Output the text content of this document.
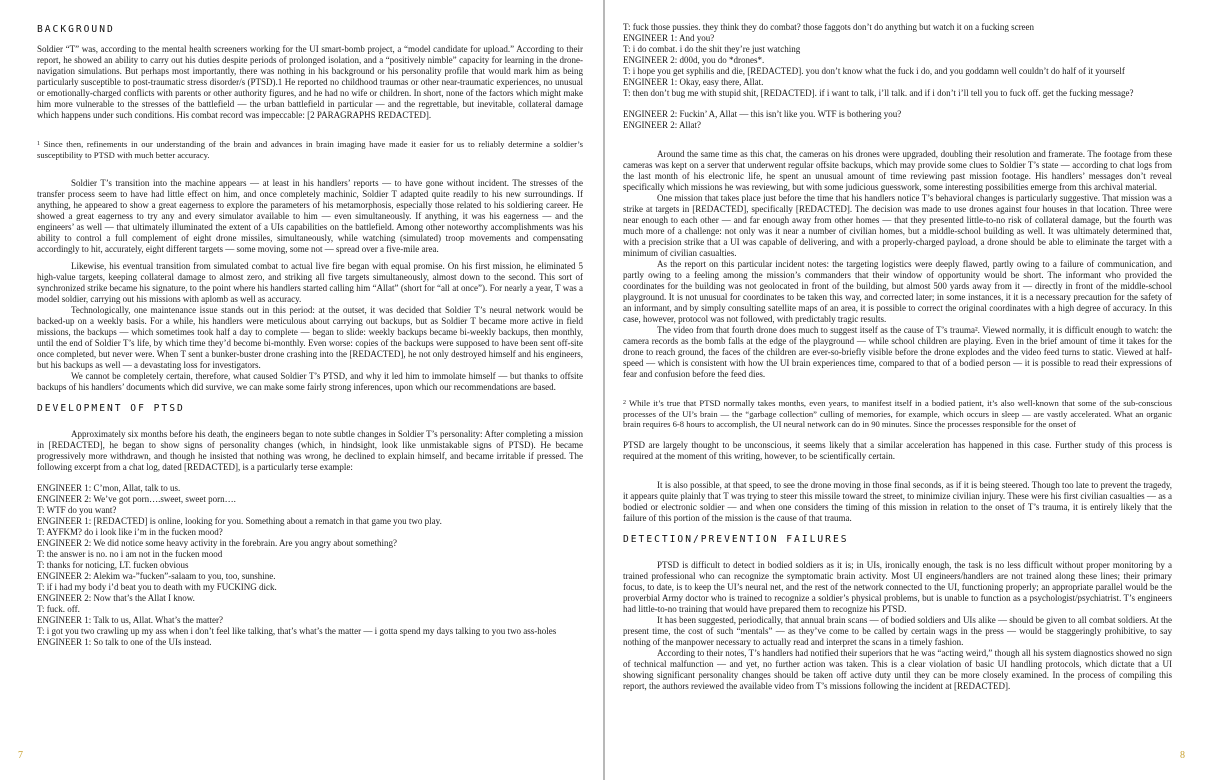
BACKGROUND

Soldier “T” was, according to the mental health screeners working for the UI smart-bomb project, a “model candidate for upload.” According to their report, he showed an ability to carry out his duties despite periods of prolonged isolation, and a “positively nimble” capacity for learning in the drone-navigation simulations. But perhaps most importantly, there was nothing in his background or his personality profile that would mark him as being particularly susceptible to post-traumatic stress disorder/s (PTSD).1 He reported no childhood traumas or other near-traumatic experiences, no unusual or emotionally-charged conflicts with parents or other authority figures, and he had no wife or children. In short, none of the factors which might make him more vulnerable to the stresses of the battlefield — the urban battlefield in particular — and the regrettable, but inevitable, collateral damage which happens under such conditions. His combat record was impeccable: [2 PARAGRAPHS REDACTED].

$^1$ Since then, refinements in our understanding of the brain and advances in brain imaging have made it easier for us to reliably determine a soldier’s susceptibility to PTSD with much better accuracy.

Soldier T’s transition into the machine appears — at least in his handlers’ reports — to have gone without incident. The stresses of the transfer process seem to have had little effect on him, and once completely machinic, Soldier T adapted quite readily to his new surroundings. If anything, he appeared to show a great eagerness to explore the parameters of his metamorphosis, especially those related to his soldiering career. He showed a great eagerness to try any and every simulator available to him — even simultaneously. If anything, it was his eagerness — and the engineers’ as well — that ultimately illuminated the extent of a UIs capabilities on the battlefield. Among other noteworthy accomplishments was his ability to control a full complement of eight drone missiles, simultaneously, while watching (simulated) troop movements and compensating accordingly to hit, accurately, eight different targets — some moving, some not — spread over a five-mile area.

Likewise, his eventual transition from simulated combat to actual live fire began with equal promise. On his first mission, he eliminated 5 high-value targets, keeping collateral damage to almost zero, and striking all five targets simultaneously, almost down to the second. This sort of synchronized strike became his signature, to the point where his handlers started calling him “Allat” (short for “all at once”). For nearly a year, T was a model soldier, carrying out his missions with aplomb as well as accuracy.

Technologically, one maintenance issue stands out in this period: at the outset, it was decided that Soldier T’s neural network would be backed-up on a weekly basis. For a while, his handlers were meticulous about carrying out backups, but as Soldier T became more active in field missions, the backups — which sometimes took half a day to complete — began to slide: weekly backups became bi-weekly backups, then monthly, until the end of Soldier T’s life, by which time they’d become bi-monthly. Even worse: copies of the backups were supposed to have been sent off-site once completed, but never were. When T sent a bunker-buster drone crashing into the [REDACTED], he not only destroyed himself and his engineers, but his backups as well — a devastating loss for investigators.

We cannot be completely certain, therefore, what caused Soldier T’s PTSD, and why it led him to immolate himself — but thanks to offsite backups of his handlers’ documents which did survive, we can make some fairly strong inferences, upon which our recommendations are based.

DEVELOPMENT OF PTSD

Approximately six months before his death, the engineers began to note subtle changes in Soldier T’s personality: After completing a mission in [REDACTED], he began to show signs of personality changes (which, in hindsight, look like unmistakable signs of PTSD). He became progressively more withdrawn, and though he insisted that nothing was wrong, he declined to explain himself, and became irritable if pressed. The following excerpt from a chat log, dated [REDACTED], is a particularly terse example:

ENGINEER 1: C’mon, Allat, talk to us.
ENGINEER 2: We’ve got porn….sweet, sweet porn….
T: WTF do you want?
ENGINEER 1: [REDACTED] is online, looking for you. Something about a rematch in that game you two play.
T: AYFKM? do i look like i’m in the fucken mood?
ENGINEER 2: We did notice some heavy activity in the forebrain. Are you angry about something?
T: the answer is no. no i am not in the fucken mood
T: thanks for noticing, LT. fucken obvious
ENGINEER 2: Alekim wa-”fucken”-salaam to you, too, sunshine.
T: if i had my body i’d beat you to death with my FUCKING dick.
ENGINEER 2: Now that’s the Allat I know.
T: fuck. off.
ENGINEER 1: Talk to us, Allat. What’s the matter?
T: i got you two crawling up my ass when i don’t feel like talking, that’s what’s the matter — i gotta spend my days talking to you two ass-holes
ENGINEER 1: So talk to one of the UIs instead.
7
T: fuck those pussies. they think they do combat? those faggots don’t do anything but watch it on a fucking screen
ENGINEER 1: And you?
T: i do combat. i do the shit they’re just watching
ENGINEER 2: d00d, you do *drones*.
T: i hope you get syphilis and die, [REDACTED]. you don’t know what the fuck i do, and you goddamn well couldn’t do half of it yourself
ENGINEER 1: Okay, easy there, Allat.
T: then don’t bug me with stupid shit, [REDACTED]. if i want to talk, i’ll talk. and if i don’t i’ll tell you to fuck off. get the fucking message?
ENGINEER 2: Fuckin’ A, Allat — this isn’t like you. WTF is bothering you?
ENGINEER 2: Allat?

Around the same time as this chat, the cameras on his drones were upgraded, doubling their resolution and framerate. The footage from these cameras was kept on a server that underwent regular offsite backups, which may provide some clues to Soldier T’s state — according to chat logs from the last month of his electronic life, he spent an unusual amount of time reviewing past mission footage. His handlers’ messages don’t reveal specifically which missions he was reviewing, but with some judicious guesswork, some interesting possibilities emerge from this archival material.

One mission that takes place just before the time that his handlers notice T’s behavioral changes is particularly suggestive. That mission was a strike at targets in [REDACTED], specifically [REDACTED]. The decision was made to use drones against four houses in that location. Three were near enough to each other — and far enough away from other homes — that they presented little-to-no risk of collateral damage, but the fourth was much more of a challenge: not only was it near a number of civilian homes, but a middle-school building as well. It was ultimately determined that, with a precision strike that a UI was capable of delivering, and with a properly-charged payload, a drone should be able to eliminate the target with a minimum of civilian casualties.

As the report on this particular incident notes: the targeting logistics were deeply flawed, partly owing to a failure of communication, and partly owing to a feeling among the mission’s commanders that their window of opportunity would be short. The informant who provided the coordinates for the building was not geolocated in front of the building, but almost 500 yards away from it — directly in front of the middle-school playground. It is not unusual for coordinates to be taken this way, and corrected later; in some instances, it it is a necessary precaution for the safety of an informant, and by simply consulting satellite maps of an area, it is possible to correct the original coordinates with a high degree of accuracy. In this case, however, protocol was not followed, with predictably tragic results.

The video from that fourth drone does much to suggest itself as the cause of T’s trauma². Viewed normally, it is difficult enough to watch: the camera records as the bomb falls at the edge of the playground — while school children are playing. Even in the brief amount of time it takes for the drone to reach ground, the faces of the children are ever-so-briefly visible before the drone explodes and the video feed turns to static. Viewed at half-speed — which is consistent with how the UI brain experiences time, compared to that of a bodied person — it is possible to read their expressions of fear and confusion before the feed dies.

$^2$ While it’s true that PTSD normally takes months, even years, to manifest itself in a bodied patient, it’s also well-known that some of the sub-conscious processes of the UI’s brain — the “garbage collection” culling of memories, for example, which occurs in sleep — are vastly accelerated. What an organic brain requires 6-8 hours to accomplish, the UI neural network can do in 90 minutes. Since the processes responsible for the onset of

PTSD are largely thought to be unconscious, it seems likely that a similar acceleration has happened in this case. Further study of this process is required at the moment of this writing, however, to be scientifically certain.

It is also possible, at that speed, to see the drone moving in those final seconds, as if it is being steered. Though too late to prevent the tragedy, it appears quite plainly that T was trying to steer this missile toward the street, to minimize civilian injury. These were his first civilian casualties — as a bodied or electronic soldier — and when one considers the timing of this mission in relation to the onset of T’s trauma, it is entirely likely that the failure of this portion of the mission is the cause of that trauma.

DETECTION/PREVENTION FAILURES

PTSD is difficult to detect in bodied soldiers as it is; in UIs, ironically enough, the task is no less difficult without proper monitoring by a trained professional who can recognize the symptomatic brain activity. Most UI engineers/handlers are not trained along these lines; their primary focus, to date, is to keep the UI’s neural net, and the rest of the network connected to the UI, functioning properly; an appropriate parallel would be the proverbial Army doctor who is trained to recognize a soldier’s physical problems, but is unable to function as a psychologist/psychiatrist. T’s engineers had little-to-no training that would have prepared them to recognize his PTSD.

It has been suggested, periodically, that annual brain scans — of bodied soldiers and UIs alike — should be given to all combat soldiers. At the present time, the cost of such “mentals” — as they’ve come to be called by certain wags in the press — would be staggeringly prohibitive, to say nothing of the manpower necessary to actually read and interpret the scans in a timely fashion.

According to their notes, T’s handlers had notified their superiors that he was “acting weird,” though all his system diagnostics showed no sign of technical malfunction — and yet, no further action was taken. This is a clear violation of basic UI handling protocols, which dictate that a UI showing significant personality changes should be taken off active duty until they can be more closely examined. In the process of compiling this report, the authors reviewed the available video from T’s missions following the incident at [REDACTED].

8
